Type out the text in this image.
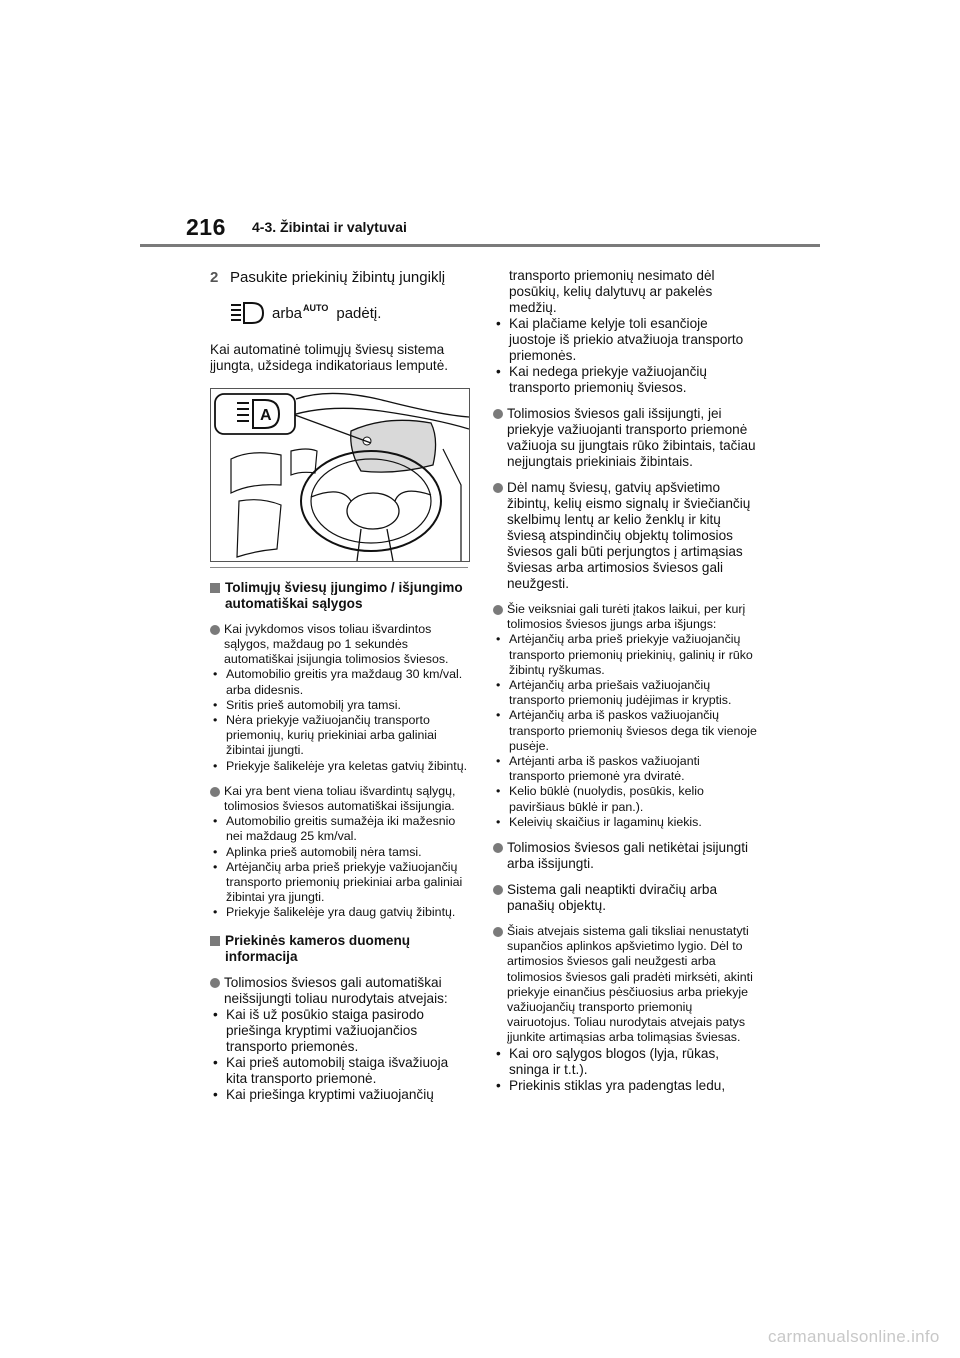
216 4-3. Žibintai ir valytuvai
2 Pasukite priekinių žibintų jungiklį
arba AUTO padėtį.
Kai automatinė tolimųjų šviesų sistema įjungta, užsidega indikatoriaus lemputė.
A
Tolimųjų šviesų įjungimo / išjungimo automatiškai sąlygos
Kai įvykdomos visos toliau išvardintos sąlygos, maždaug po 1 sekundės automatiškai įsijungia tolimosios šviesos.
• Automobilio greitis yra maždaug 30 km/val. arba didesnis.
• Sritis prieš automobilį yra tamsi.
• Nėra priekyje važiuojančių transporto priemonių, kurių priekiniai arba galiniai žibintai įjungti.
• Priekyje šalikelėje yra keletas gatvių žibintų.
Kai yra bent viena toliau išvardintų sąlygų, tolimosios šviesos automatiškai išsijungia.
• Automobilio greitis sumažėja iki mažesnio nei maždaug 25 km/val.
• Aplinka prieš automobilį nėra tamsi.
• Artėjančių arba prieš priekyje važiuojančių transporto priemonių priekiniai arba galiniai žibintai yra įjungti.
• Priekyje šalikelėje yra daug gatvių žibintų.
Priekinės kameros duomenų informacija
Tolimosios šviesos gali automatiškai neišsijungti toliau nurodytais atvejais:
• Kai iš už posūkio staiga pasirodo priešinga kryptimi važiuojančios transporto priemonės.
• Kai prieš automobilį staiga išvažiuoja kita transporto priemonė.
• Kai priešinga kryptimi važiuojančių
transporto priemonių nesimato dėl posūkių, kelių dalytuvų ar pakelės medžių.
• Kai plačiame kelyje toli esančioje juostoje iš priekio atvažiuoja transporto priemonės.
• Kai nedega priekyje važiuojančių transporto priemonių šviesos.
Tolimosios šviesos gali išsijungti, jei priekyje važiuojanti transporto priemonė važiuoja su įjungtais rūko žibintais, tačiau neįjungtais priekiniais žibintais.
Dėl namų šviesų, gatvių apšvietimo žibintų, kelių eismo signalų ir šviečiančių skelbimų lentų ar kelio ženklų ir kitų šviesą atspindinčių objektų tolimosios šviesos gali būti perjungtos į artimąsias šviesas arba artimosios šviesos gali neužgesti.
Šie veiksniai gali turėti įtakos laikui, per kurį tolimosios šviesos įjungs arba išjungs:
• Artėjančių arba prieš priekyje važiuojančių transporto priemonių priekinių, galinių ir rūko žibintų ryškumas.
• Artėjančių arba priešais važiuojančių transporto priemonių judėjimas ir kryptis.
• Artėjančių arba iš paskos važiuojančių transporto priemonių šviesos dega tik vienoje pusėje.
• Artėjanti arba iš paskos važiuojanti transporto priemonė yra dviratė.
• Kelio būklė (nuolydis, posūkis, kelio paviršiaus būklė ir pan.).
• Keleivių skaičius ir lagaminų kiekis.
Tolimosios šviesos gali netikėtai įsijungti arba išsijungti.
Sistema gali neaptikti dviračių arba panašių objektų.
Šiais atvejais sistema gali tiksliai nenustatyti supančios aplinkos apšvietimo lygio. Dėl to artimosios šviesos gali neužgesti arba tolimosios šviesos gali pradėti mirksėti, akinti priekyje einančius pėsčiuosius arba priekyje važiuojančių transporto priemonių vairuotojus. Toliau nurodytais atvejais patys įjunkite artimąsias arba tolimąsias šviesas.
• Kai oro sąlygos blogos (lyja, rūkas, sninga ir t.t.).
• Priekinis stiklas yra padengtas ledu,
carmanualsonline.info
